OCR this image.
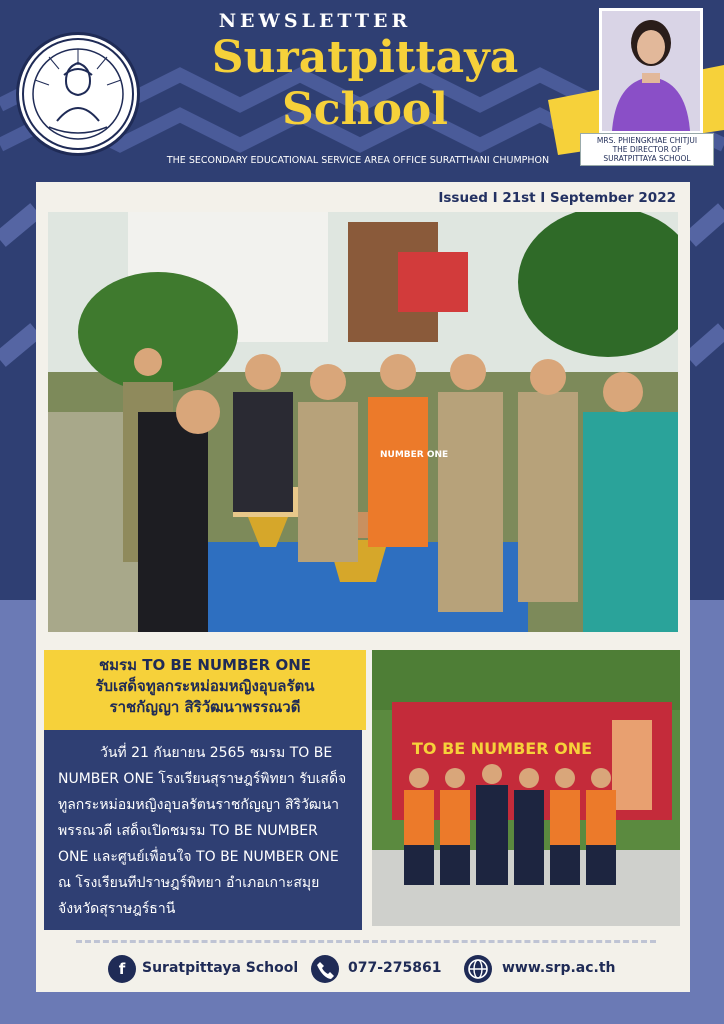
NEWSLETTER
Suratpittaya
School
THE SECONDARY EDUCATIONAL SERVICE AREA OFFICE SURATTHANI CHUMPHON
MRS. PHIENGKHAE CHITJUI
THE DIRECTOR OF
SURATPITTAYA SCHOOL
Issued I 21st I September 2022
NUMBER ONE
ชมรม TO BE NUMBER ONE
รับเสด็จทูลกระหม่อมหญิงอุบลรัตน
ราชกัญญา สิริวัฒนาพรรณวดี
วันที่ 21 กันยายน 2565 ชมรม TO BE NUMBER ONE โรงเรียนสุราษฎร์พิทยา รับเสด็จทูลกระหม่อมหญิงอุบลรัตนราชกัญญา สิริวัฒนาพรรณวดี เสด็จเปิดชมรม TO BE NUMBER ONE และศูนย์เพื่อนใจ TO BE NUMBER ONE ณ โรงเรียนทีปราษฎร์พิทยา อำเภอเกาะสมุย จังหวัดสุราษฎร์ธานี
TO BE NUMBER ONE
f	Suratpittaya School	077-275861	www.srp.ac.th
